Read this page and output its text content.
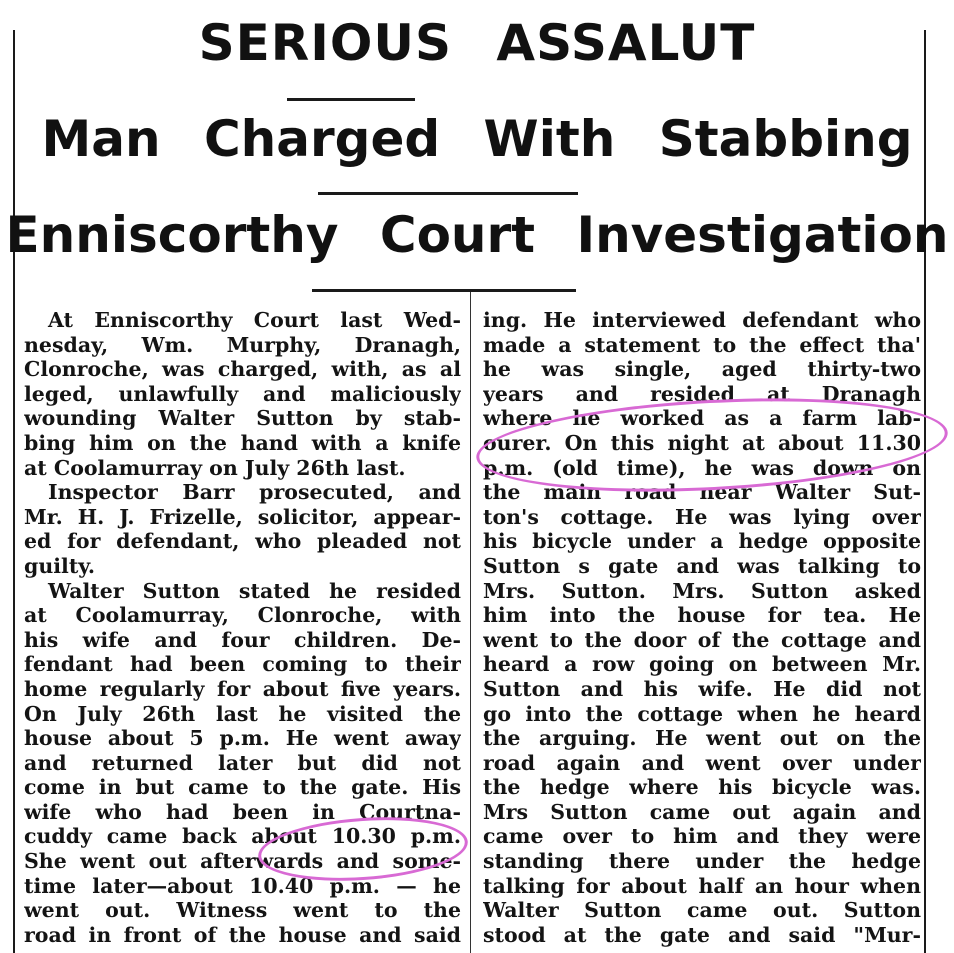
SERIOUS ASSALUT
Man Charged With Stabbing
Enniscorthy Court Investigation
At Enniscorthy Court last Wed-
nesday, Wm. Murphy, Dranagh,
Clonroche, was charged, with, as al
leged, unlawfully and maliciously
wounding Walter Sutton by stab-
bing him on the hand with a knife
at Coolamurray on July 26th last.
Inspector Barr prosecuted, and
Mr. H. J. Frizelle, solicitor, appear-
ed for defendant, who pleaded not
guilty.
Walter Sutton stated he resided
at Coolamurray, Clonroche, with
his wife and four children. De-
fendant had been coming to their
home regularly for about five years.
On July 26th last he visited the
house about 5 p.m. He went away
and returned later but did not
come in but came to the gate. His
wife who had been in Courtna-
cuddy came back about 10.30 p.m.
She went out afterwards and some-
time later—about 10.40 p.m. — he
went out. Witness went to the
road in front of the house and said
ing. He interviewed defendant who
made a statement to the effect tha'
he was single, aged thirty-two
years and resided at Dranagh
where he worked as a farm lab-
ourer. On this night at about 11.30
p.m. (old time), he was down on
the main road near Walter Sut-
ton's cottage. He was lying over
his bicycle under a hedge opposite
Sutton s gate and was talking to
Mrs. Sutton. Mrs. Sutton asked
him into the house for tea. He
went to the door of the cottage and
heard a row going on between Mr.
Sutton and his wife. He did not
go into the cottage when he heard
the arguing. He went out on the
road again and went over under
the hedge where his bicycle was.
Mrs Sutton came out again and
came over to him and they were
standing there under the hedge
talking for about half an hour when
Walter Sutton came out. Sutton
stood at the gate and said "Mur-
